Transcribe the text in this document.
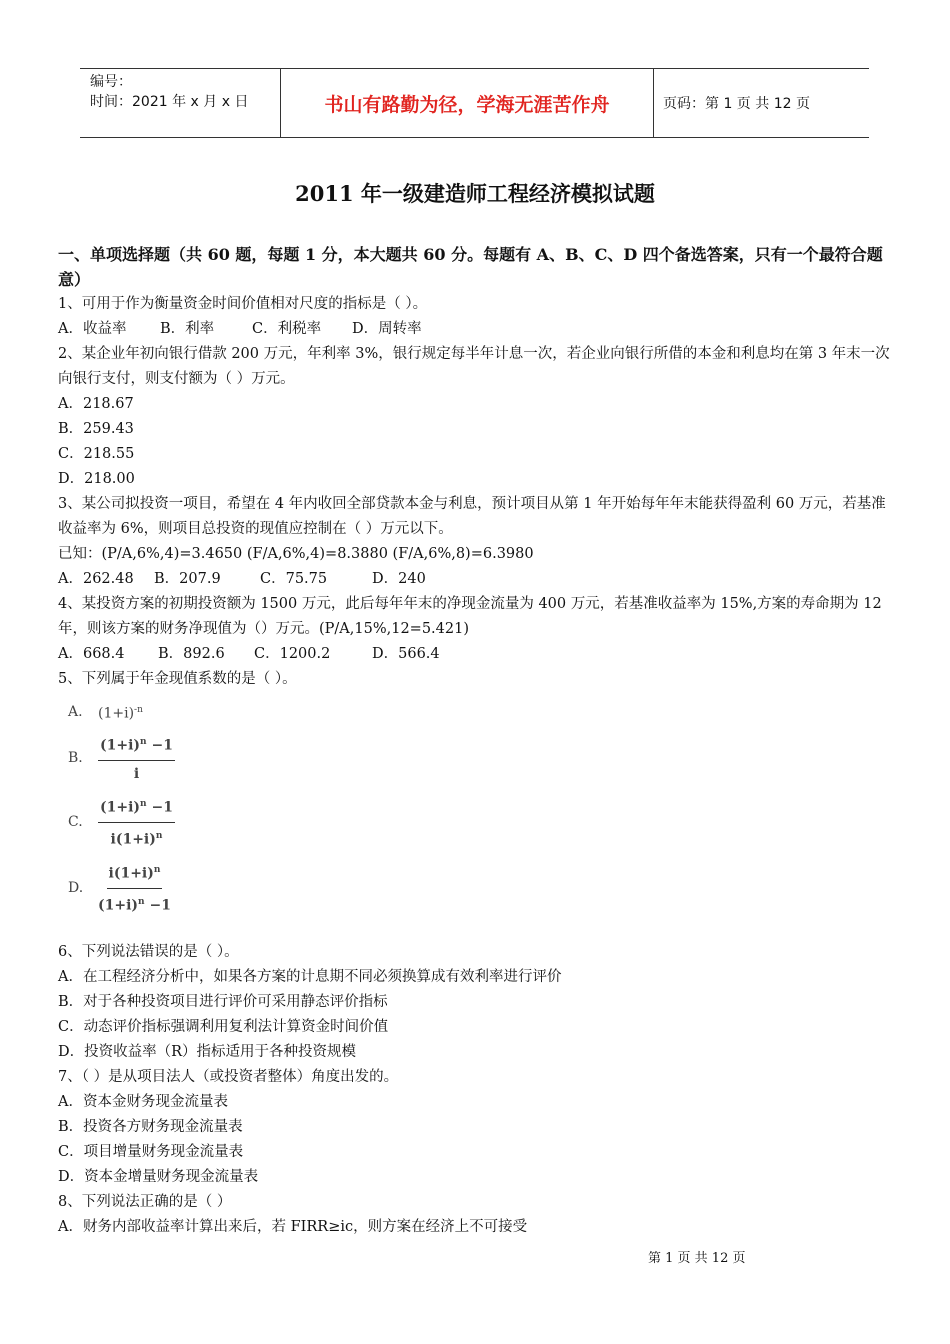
编号：
时间：2021 年 x 月 x 日	书山有路勤为径，学海无涯苦作舟	页码：第 1 页 共 12 页
2011 年一级建造师工程经济模拟试题
一、单项选择题（共 60 题，每题 1 分，本大题共 60 分。每题有 A、B、C、D 四个备选答案，只有一个最符合题意）
1、可用于作为衡量资金时间价值相对尺度的指标是（ ）。
A．收益率 B．利率	C．利税率 D．周转率
2、某企业年初向银行借款 200 万元，年利率 3%，银行规定每半年计息一次，若企业向银行所借的本金和利息均在第 3 年末一次向银行支付，则支付额为（ ）万元。
A．218.67
B．259.43
C．218.55
D．218.00
3、某公司拟投资一项目，希望在 4 年内收回全部贷款本金与利息，预计项目从第 1 年开始每年年末能获得盈利 60 万元，若基准收益率为 6%，则项目总投资的现值应控制在（ ）万元以下。
已知：(P/A,6%,4)=3.4650 (F/A,6%,4)=8.3880 (F/A,6%,8)=6.3980
A．262.48 B．207.9	C．75.75	D．240
4、某投资方案的初期投资额为 1500 万元，此后每年年末的净现金流量为 400 万元，若基准收益率为 15%,方案的寿命期为 12 年，则该方案的财务净现值为（）万元。(P/A,15%,12=5.421)
A．668.4 B．892.6 C．1200.2	D．566.4
5、下列属于年金现值系数的是（ ）。
A.	$(1+i)^{-n}$
B.	$\frac{(1+i)^n -1}{i}$
C.	$\frac{(1+i)^n -1}{i(1+i)^n}$
D.	$\frac{i(1+i)^n}{(1+i)^n -1}$
6、下列说法错误的是（ ）。
A．在工程经济分析中，如果各方案的计息期不同必须换算成有效利率进行评价
B．对于各种投资项目进行评价可采用静态评价指标
C．动态评价指标强调利用复利法计算资金时间价值
D．投资收益率（R）指标适用于各种投资规模
7、（ ）是从项目法人（或投资者整体）角度出发的。
A．资本金财务现金流量表
B．投资各方财务现金流量表
C．项目增量财务现金流量表
D．资本金增量财务现金流量表
8、下列说法正确的是（ ）
A．财务内部收益率计算出来后，若 FIRR≥ic，则方案在经济上不可接受
第 1 页 共 12 页
